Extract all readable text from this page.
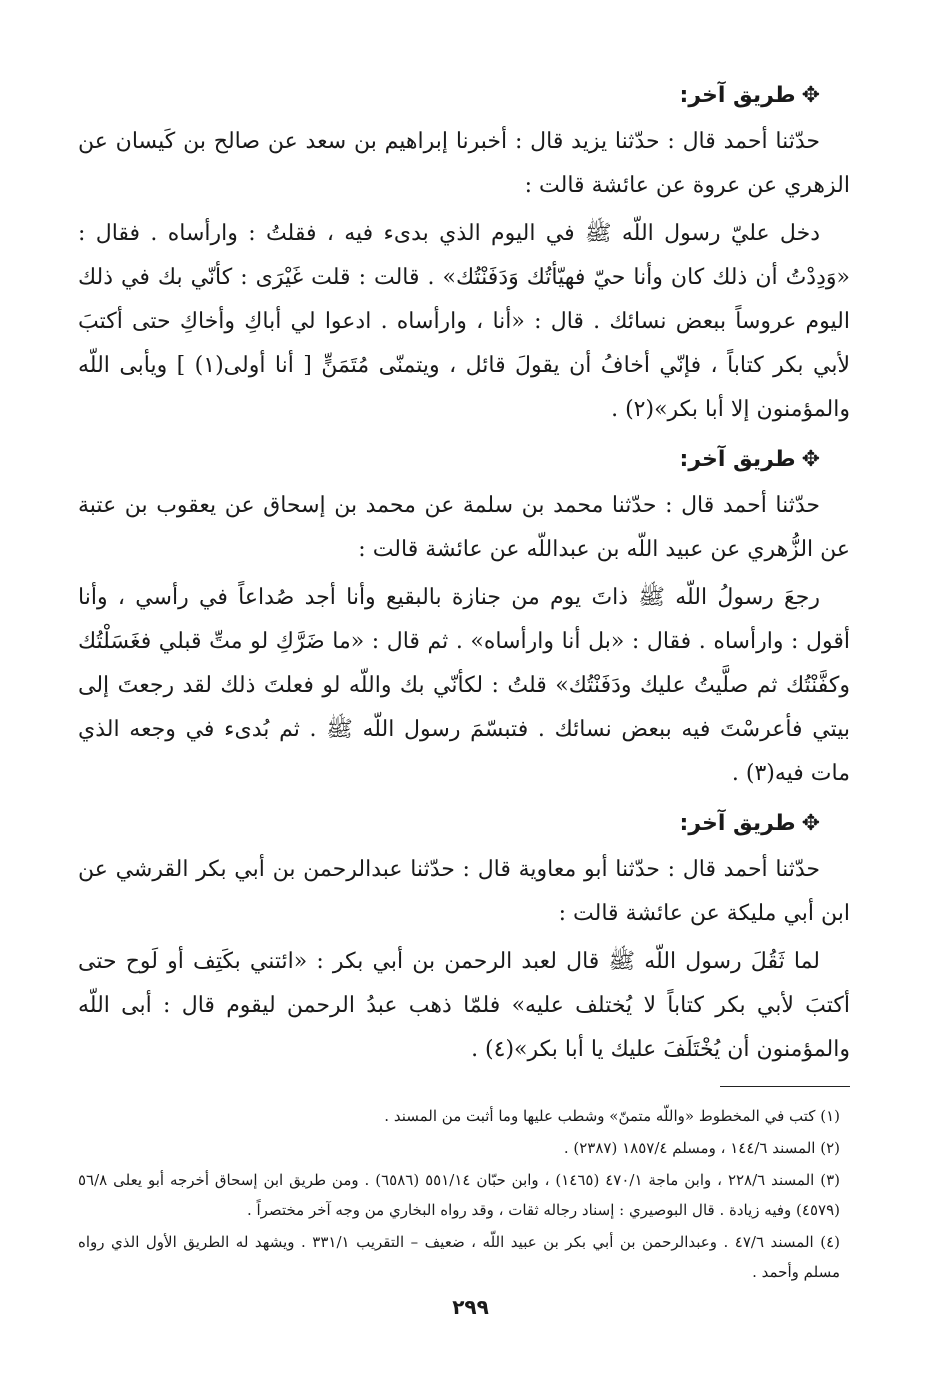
✥طريق آخر:

حدّثنا أحمد قال : حدّثنا يزيد قال : أخبرنا إبراهيم بن سعد عن صالح بن كَيسان عن الزهري عن عروة عن عائشة قالت :

دخل عليّ رسول اللّه ﷺ في اليوم الذي بدىء فيه ، فقلتُ : وارأساه . فقال : «وَدِدْتُ أن ذلك كان وأنا حيّ فهيّأتُك وَدَفَنْتُك» . قالت : قلت غَيْرَى : كأنّي بك في ذلك اليوم عروساً ببعض نسائك . قال : «أنا ، وارأساه . ادعوا لي أباكِ وأخاكِ حتى أكتبَ لأبي بكر كتاباً ، فإنّي أخافُ أن يقولَ قائل ، ويتمنّى مُتَمَنٍّ [ أنا أولى(١) ] ويأبى اللّه والمؤمنون إلا أبا بكر»(٢) .

✥طريق آخر:

حدّثنا أحمد قال : حدّثنا محمد بن سلمة عن محمد بن إسحاق عن يعقوب بن عتبة عن الزُّهري عن عبيد اللّه بن عبداللّه عن عائشة قالت :

رجعَ رسولُ اللّه ﷺ ذاتَ يوم من جنازة بالبقيع وأنا أجد صُداعاً في رأسي ، وأنا أقول : وارأساه . فقال : «بل أنا وارأساه» . ثم قال : «ما ضَرَّكِ لو متِّ قبلي فغَسَلْتُك وكفَّنْتُك ثم صلَّيتُ عليك ودَفَنْتُك» قلتُ : لكأنّي بك واللّه لو فعلتَ ذلك لقد رجعتَ إلى بيتي فأعرسْتَ فيه ببعض نسائك . فتبسّمَ رسول اللّه ﷺ . ثم بُدىء في وجعه الذي مات فيه(٣) .

✥طريق آخر:

حدّثنا أحمد قال : حدّثنا أبو معاوية قال : حدّثنا عبدالرحمن بن أبي بكر القرشي عن ابن أبي مليكة عن عائشة قالت :

لما ثَقُلَ رسول اللّه ﷺ قال لعبد الرحمن بن أبي بكر : «ائتني بكَتِف أو لَوح حتى أكتبَ لأبي بكر كتاباً لا يُختلف عليه» فلمّا ذهب عبدُ الرحمن ليقوم قال : أبى اللّه والمؤمنون أن يُخْتَلَفَ عليك يا أبا بكر»(٤) .

(١) كتب في المخطوط «واللّه متمنّ» وشطب عليها وما أثبت من المسند .

(٢) المسند ١٤٤/٦ ، ومسلم ١٨٥٧/٤ (٢٣٨٧) .

(٣) المسند ٢٢٨/٦ ، وابن ماجة ٤٧٠/١ (١٤٦٥) ، وابن حبّان ٥٥١/١٤ (٦٥٨٦) . ومن طريق ابن إسحاق أخرجه أبو يعلى ٥٦/٨ (٤٥٧٩) وفيه زيادة . قال البوصيري : إسناد رجاله ثقات ، وقد رواه البخاري من وجه آخر مختصراً .

(٤) المسند ٤٧/٦ . وعبدالرحمن بن أبي بكر بن عبيد اللّه ، ضعيف – التقريب ٣٣١/١ . ويشهد له الطريق الأول الذي رواه مسلم وأحمد .

٢٩٩
